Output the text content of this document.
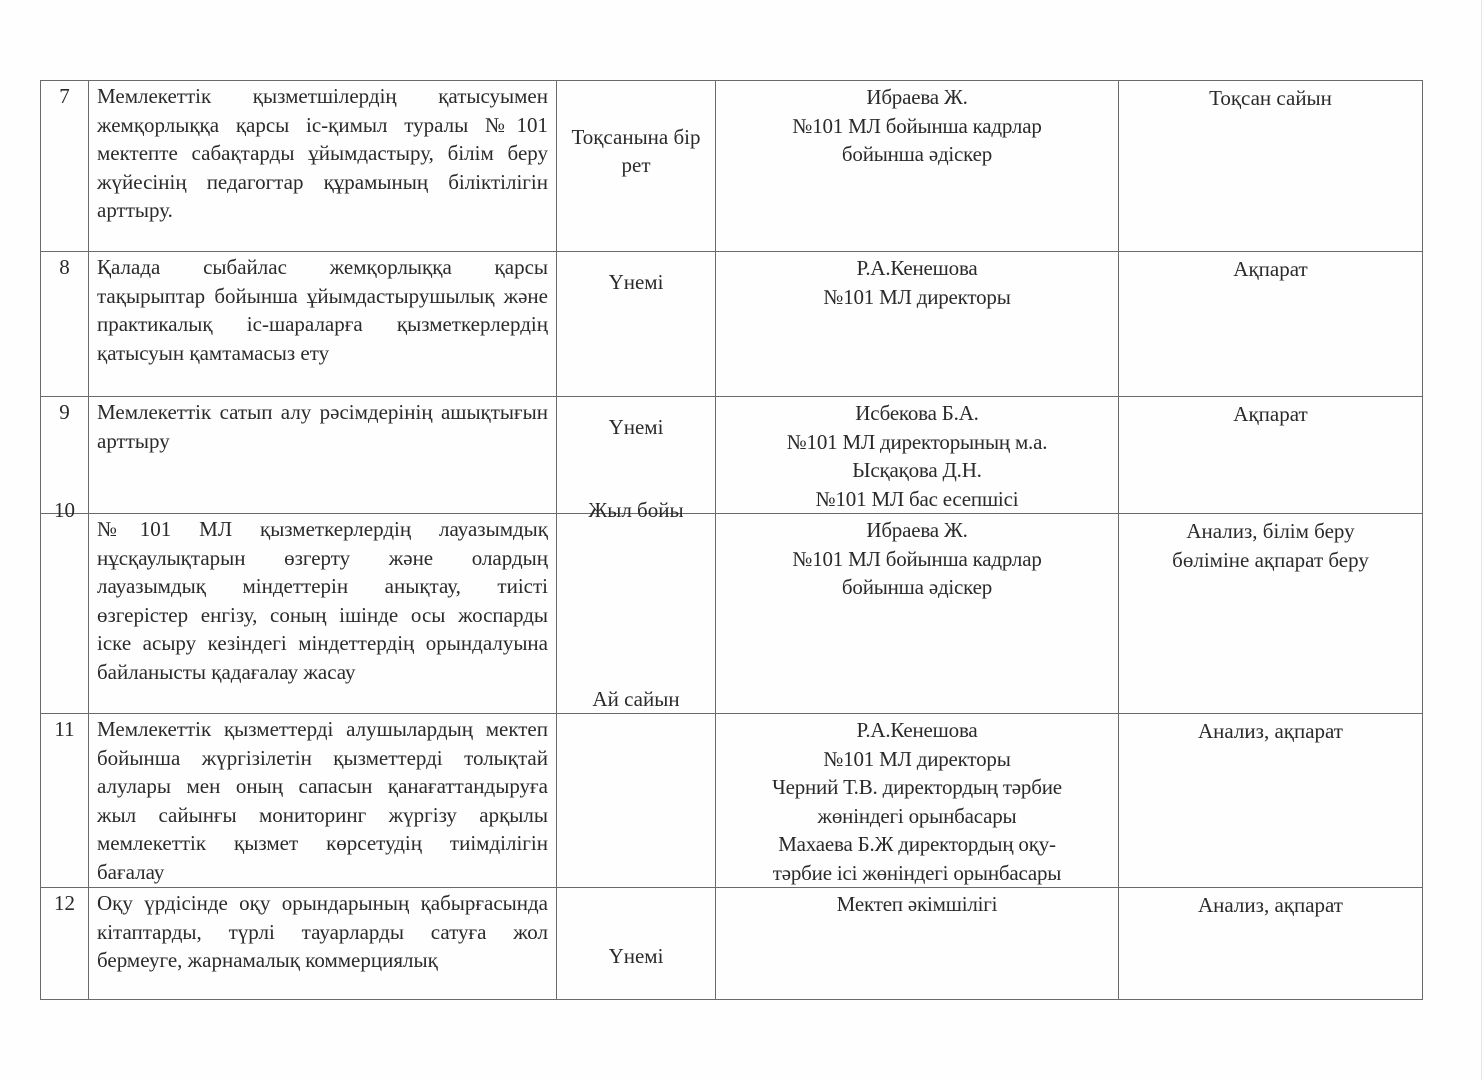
7	Мемлекеттік қызметшілердің қатысуымен жемқорлыққа қарсы іс-қимыл туралы №101 мектепте сабақтарды ұйымдастыру, білім беру жүйесінің педагогтар құрамының біліктілігін арттыру.	
Тоқсанына бір рет

Ибраева Ж.
№101 МЛ бойынша кадрлар
бойынша әдіскер

Тоқсан сайын

8	Қалада сыбайлас жемқорлыққа қарсы тақырыптар бойынша ұйымдастырушылық және практикалық іс-шараларға қызметкерлердің қатысуын қамтамасыз ету	
Үнемі

Р.А.Кенешова
№101 МЛ директоры

Ақпарат

9	Мемлекеттік сатып алу рәсімдерінің ашықтығын арттыру	
Үнемі

Исбекова Б.А.
№101 МЛ директорының м.а.
Ысқақова Д.Н.
№101 МЛ бас есепшісі

Ақпарат

10
	№101 МЛ қызметкерлердің лауазымдық нұсқаулықтарын өзгерту және олардың лауазымдық міндеттерін анықтау, тиісті өзгерістер енгізу, соның ішінде осы жоспарды іске асыру кезіндегі міндеттердің орындалуына байланысты қадағалау жасау	
Жыл бойы

Ибраева Ж.
№101 МЛ бойынша кадрлар
бойынша әдіскер

Анализ, білім беру
бөліміне ақпарат беру

11	Мемлекеттік қызметтерді алушылардың мектеп бойынша жүргізілетін қызметтерді толықтай алулары мен оның сапасын қанағаттандыруға жыл сайынғы мониторинг жүргізу арқылы мемлекеттік қызмет көрсетудің тиімділігін бағалау	
Ай сайын

Р.А.Кенешова
№101 МЛ директоры
Черний Т.В. директордың тәрбие
жөніндегі орынбасары
Махаева Б.Ж директордың оқу-
тәрбие ісі жөніндегі орынбасары

Анализ, ақпарат

12	Оқу үрдісінде оқу орындарының қабырғасында кітаптарды, түрлі тауарларды сатуға жол бермеуге, жарнамалық коммерциялық	Үнемі

Мектеп әкімшілігі	Анализ, ақпарат
